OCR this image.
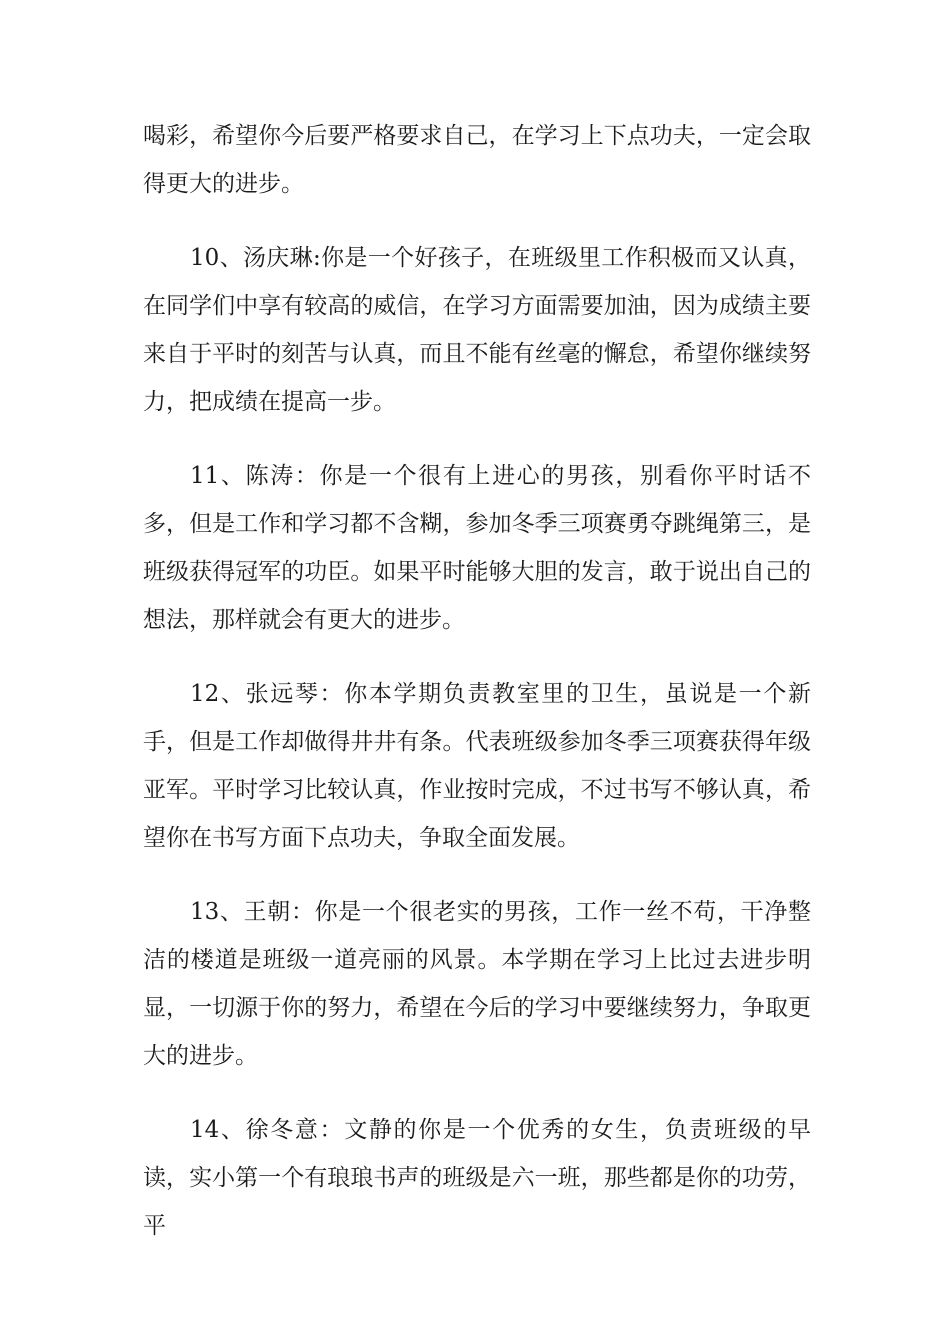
喝彩，希望你今后要严格要求自己，在学习上下点功夫，一定会取得更大的进步。

10、汤庆琳:你是一个好孩子，在班级里工作积极而又认真，在同学们中享有较高的威信，在学习方面需要加油，因为成绩主要来自于平时的刻苦与认真，而且不能有丝毫的懈怠，希望你继续努力，把成绩在提高一步。

11、陈涛：你是一个很有上进心的男孩，别看你平时话不多，但是工作和学习都不含糊，参加冬季三项赛勇夺跳绳第三，是班级获得冠军的功臣。如果平时能够大胆的发言，敢于说出自己的想法，那样就会有更大的进步。

12、张远琴：你本学期负责教室里的卫生，虽说是一个新手，但是工作却做得井井有条。代表班级参加冬季三项赛获得年级亚军。平时学习比较认真，作业按时完成，不过书写不够认真，希望你在书写方面下点功夫，争取全面发展。

13、王朝：你是一个很老实的男孩，工作一丝不苟，干净整洁的楼道是班级一道亮丽的风景。本学期在学习上比过去进步明显，一切源于你的努力，希望在今后的学习中要继续努力，争取更大的进步。

14、徐冬意：文静的你是一个优秀的女生，负责班级的早读，实小第一个有琅琅书声的班级是六一班，那些都是你的功劳，平
